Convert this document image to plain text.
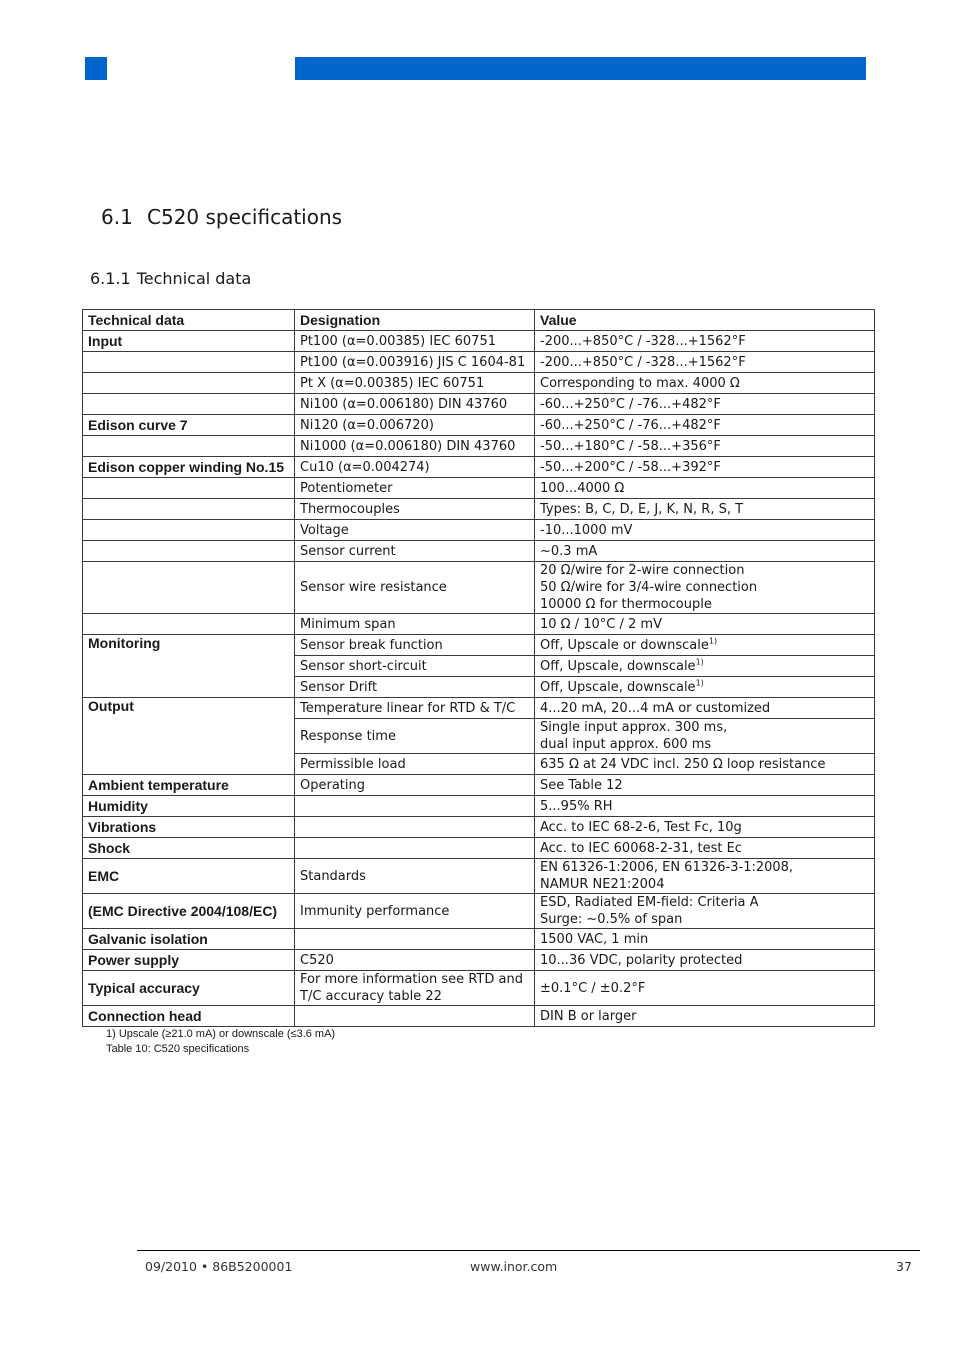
6.1 C520 specifications
6.1.1 Technical data
Technical data	Designation	Value
Input	Pt100 (α=0.00385) IEC 60751	-200...+850°C / -328...+1562°F
	Pt100 (α=0.003916) JIS C 1604-81	-200...+850°C / -328...+1562°F
	Pt X (α=0.00385) IEC 60751	Corresponding to max. 4000 Ω
	Ni100 (α=0.006180) DIN 43760	-60...+250°C / -76...+482°F
Edison curve 7	Ni120 (α=0.006720)	-60...+250°C / -76...+482°F
	Ni1000 (α=0.006180) DIN 43760	-50...+180°C / -58...+356°F
Edison copper winding No.15	Cu10 (α=0.004274)	-50...+200°C / -58...+392°F
	Potentiometer	100...4000 Ω
	Thermocouples	Types: B, C, D, E, J, K, N, R, S, T
	Voltage	-10...1000 mV
	Sensor current	~0.3 mA
	Sensor wire resistance	20 Ω/wire for 2-wire connection
50 Ω/wire for 3/4-wire connection
10000 Ω for thermocouple

	Minimum span	10 Ω / 10°C / 2 mV
Monitoring	Sensor break function	Off, Upscale or downscale$^{1)}$
	Sensor short-circuit	Off, Upscale, downscale$^{1)}$
	Sensor Drift	Off, Upscale, downscale$^{1)}$
Output	Temperature linear for RTD & T/C	4...20 mA, 20...4 mA or customized
	Response time	Single input approx. 300 ms,
dual input approx. 600 ms

	Permissible load	635 Ω at 24 VDC incl. 250 Ω loop resistance
Ambient temperature	Operating	See Table 12
Humidity		5...95% RH
Vibrations		Acc. to IEC 68-2-6, Test Fc, 10g
Shock		Acc. to IEC 60068-2-31, test Ec
EMC	Standards	EN 61326-1:2006, EN 61326-3-1:2008,
NAMUR NE21:2004

(EMC Directive 2004/108/EC)	Immunity performance	ESD, Radiated EM-field: Criteria A
Surge: ~0.5% of span

Galvanic isolation		1500 VAC, 1 min
Power supply	C520	10...36 VDC, polarity protected
Typical accuracy	For more information see RTD and
T/C accuracy table 22	±0.1°C / ±0.2°F
Connection head		DIN B or larger
1) Upscale (≥21.0 mA) or downscale (≤3.6 mA)
Table 10: C520 specifications
09/2010 • 86B5200001	www.inor.com	37
